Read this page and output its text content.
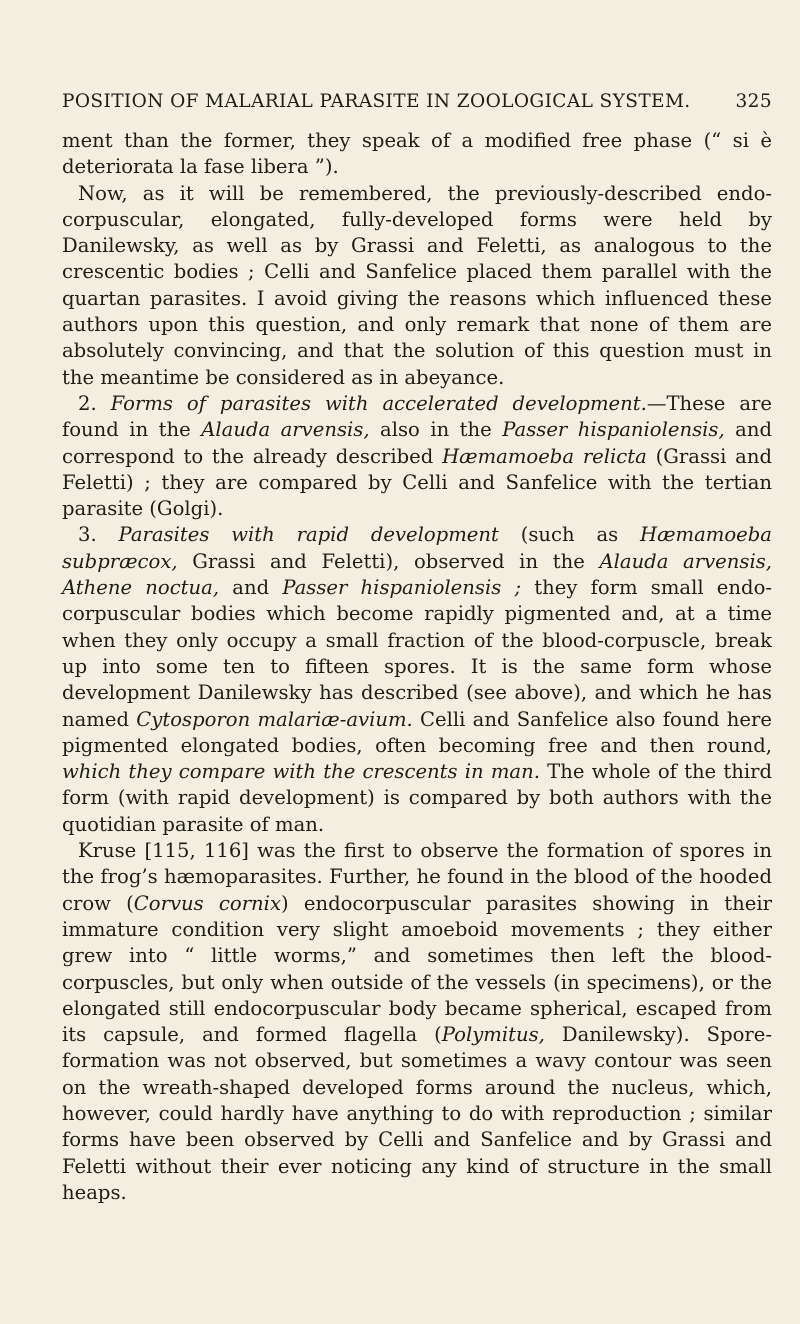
POSITION OF MALARIAL PARASITE IN ZOOLOGICAL SYSTEM. 325

ment than the former, they speak of a modified free phase (“ si è deteriorata la fase libera ”).

Now, as it will be remembered, the previously-described endo-corpuscular, elongated, fully-developed forms were held by Danilewsky, as well as by Grassi and Feletti, as analogous to the crescentic bodies ; Celli and Sanfelice placed them parallel with the quartan parasites. I avoid giving the reasons which influenced these authors upon this question, and only remark that none of them are absolutely convincing, and that the solution of this question must in the meantime be considered as in abeyance.

2. Forms of parasites with accelerated development.—These are found in the Alauda arvensis, also in the Passer hispaniolensis, and correspond to the already described Hæmamoeba relicta (Grassi and Feletti) ; they are compared by Celli and Sanfelice with the tertian parasite (Golgi).

3. Parasites with rapid development (such as Hæmamoeba subpræcox, Grassi and Feletti), observed in the Alauda arvensis, Athene noctua, and Passer hispaniolensis ; they form small endo-corpuscular bodies which become rapidly pigmented and, at a time when they only occupy a small fraction of the blood-corpuscle, break up into some ten to fifteen spores. It is the same form whose development Danilewsky has described (see above), and which he has named Cytosporon malariæ-avium. Celli and Sanfelice also found here pigmented elongated bodies, often becoming free and then round, which they compare with the crescents in man. The whole of the third form (with rapid development) is compared by both authors with the quotidian parasite of man.

Kruse [115, 116] was the first to observe the formation of spores in the frog’s hæmoparasites. Further, he found in the blood of the hooded crow (Corvus cornix) endocorpuscular parasites showing in their immature condition very slight amoeboid movements ; they either grew into “ little worms,” and sometimes then left the blood-corpuscles, but only when outside of the vessels (in specimens), or the elongated still endocorpuscular body became spherical, escaped from its capsule, and formed flagella (Polymitus, Danilewsky). Spore-formation was not observed, but sometimes a wavy contour was seen on the wreath-shaped developed forms around the nucleus, which, however, could hardly have anything to do with reproduction ; similar forms have been observed by Celli and Sanfelice and by Grassi and Feletti without their ever noticing any kind of structure in the small heaps.
